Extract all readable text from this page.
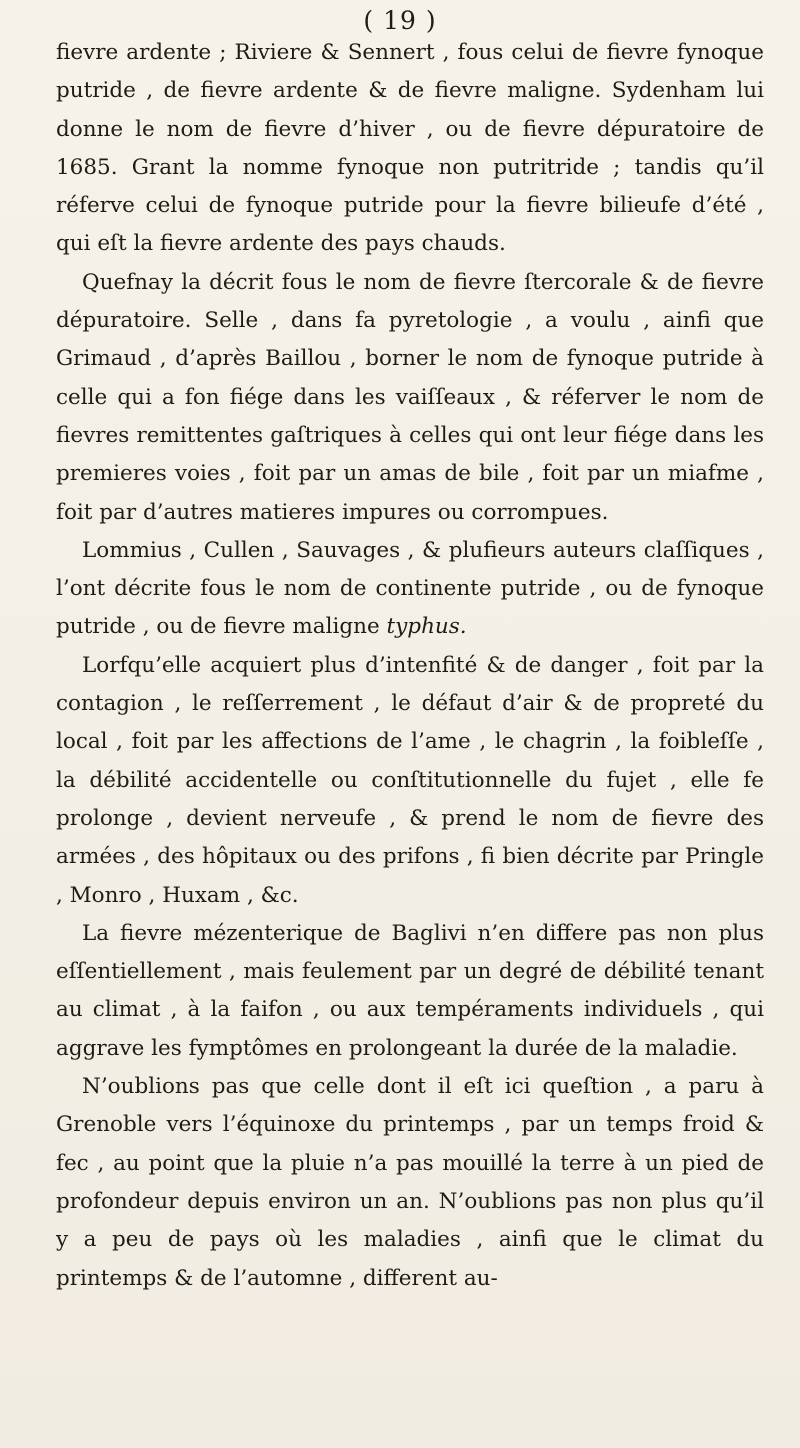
( 19 )

fievre ardente ; Riviere & Sennert , fous celui de fievre fynoque putride , de fievre ardente & de fievre maligne. Sydenham lui donne le nom de fievre d’hiver , ou de fievre dépuratoire de 1685. Grant la nomme fynoque non putritride ; tandis qu’il réferve celui de fynoque putride pour la fievre bilieufe d’été , qui eſt la fievre ardente des pays chauds.

Quefnay la décrit fous le nom de fievre ſtercorale & de fievre dépuratoire. Selle , dans fa pyretologie , a voulu , ainfi que Grimaud , d’après Baillou , borner le nom de fynoque putride à celle qui a fon fiége dans les vaiſſeaux , & réferver le nom de fievres remittentes gaſtriques à celles qui ont leur fiége dans les premieres voies , foit par un amas de bile , foit par un miafme , foit par d’autres matieres impures ou corrompues.

Lommius , Cullen , Sauvages , & plufieurs auteurs claſſiques , l’ont décrite fous le nom de continente putride , ou de fynoque putride , ou de fievre maligne typhus.

Lorfqu’elle acquiert plus d’intenfité & de danger , foit par la contagion , le reſſerrement , le défaut d’air & de propreté du local , foit par les affections de l’ame , le chagrin , la foibleſſe , la débilité accidentelle ou conſtitutionnelle du fujet , elle fe prolonge , devient nerveufe , & prend le nom de fievre des armées , des hôpitaux ou des prifons , fi bien décrite par Pringle , Monro , Huxam , &c.

La fievre mézenterique de Baglivi n’en differe pas non plus eſſentiellement , mais feulement par un degré de débilité tenant au climat , à la faifon , ou aux tempéraments individuels , qui aggrave les fymptômes en prolongeant la durée de la maladie.

N’oublions pas que celle dont il eſt ici queſtion , a paru à Grenoble vers l’équinoxe du printemps , par un temps froid & fec , au point que la pluie n’a pas mouillé la terre à un pied de profondeur depuis environ un an. N’oublions pas non plus qu’il y a peu de pays où les maladies , ainfi que le climat du printemps & de l’automne , different au-
